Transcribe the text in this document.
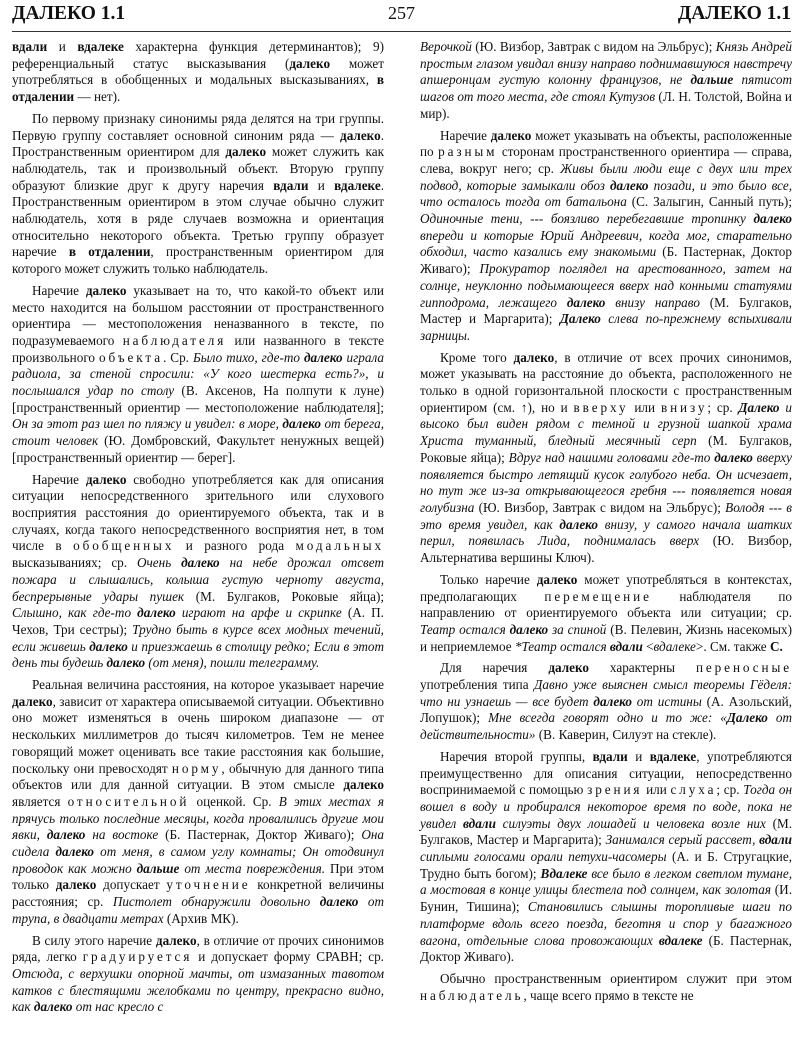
ДАЛЕКО 1.1	257	ДАЛЕКО 1.1

вдали и вдалеке характерна функция детерминантов); 9) референциальный статус высказывания (далеко может употребляться в обобщенных и модальных высказываниях, в отдалении — нет).

По первому признаку синонимы ряда делятся на три группы. Первую группу составляет основной синоним ряда — далеко. Пространственным ориентиром для далеко может служить как наблюдатель, так и произвольный объект. Вторую группу образуют близкие друг к другу наречия вдали и вдалеке. Пространственным ориентиром в этом случае обычно служит наблюдатель, хотя в ряде случаев возможна и ориентация относительно некоторого объекта. Третью группу образует наречие в отдалении, пространственным ориентиром для которого может служить только наблюдатель.

Наречие далеко указывает на то, что какой-то объект или место находится на большом расстоянии от пространственного ориентира — местоположения неназванного в тексте, по подразумеваемого наблюдателя или названного в тексте произвольного объекта. Ср. Было тихо, где-то далеко играла радиола, за стеной спросили: «У кого шестерка есть?», и послышался удар по столу (В. Аксенов, На полпути к луне) [пространственный ориентир — местоположение наблюдателя]; Он за этот раз шел по пляжу и увидел: в море, далеко от берега, стоит человек (Ю. Домбровский, Факультет ненужных вещей) [пространственный ориентир — берег].

Наречие далеко свободно употребляется как для описания ситуации непосредственного зрительного или слухового восприятия расстояния до ориентируемого объекта, так и в случаях, когда такого непосредственного восприятия нет, в том числе в обобщенных и разного рода модальных высказываниях; ср. Очень далеко на небе дрожал отсвет пожара и слышались, колыша густую черноту августа, беспрерывные удары пушек (М. Булгаков, Роковые яйца); Слышно, как где-то далеко играют на арфе и скрипке (А. П. Чехов, Три сестры); Трудно быть в курсе всех модных течений, если живешь далеко и приезжаешь в столицу редко; Если в этот день ты будешь далеко (от меня), пошли телеграмму.

Реальная величина расстояния, на которое указывает наречие далеко, зависит от характера описываемой ситуации. Объективно оно может изменяться в очень широком диапазоне — от нескольких миллиметров до тысяч километров. Тем не менее говорящий может оценивать все такие расстояния как большие, поскольку они превосходят норму, обычную для данного типа объектов или для данной ситуации. В этом смысле далеко является относительной оценкой. Ср. В этих местах я прячусь только последние месяцы, когда провалились другие мои явки, далеко на востоке (Б. Пастернак, Доктор Живаго); Она сидела далеко от меня, в самом углу комнаты; Он отодвинул проводок как можно дальше от места повреждения. При этом только далеко допускает уточнение конкретной величины расстояния; ср. Пистолет обнаружили довольно далеко от трупа, в двадцати метрах (Архив МК).

В силу этого наречие далеко, в отличие от прочих синонимов ряда, легко градуируется и допускает форму СРАВН; ср. Отсюда, с верхушки опорной мачты, от измазанных тавотом катков с блестящими желобками по центру, прекрасно видно, как далеко от нас кресло с

Верочкой (Ю. Визбор, Завтрак с видом на Эльбрус); Князь Андрей простым глазом увидал внизу направо поднимавшуюся навстречу апшеронцам густую колонну французов, не дальше пятисот шагов от того места, где стоял Кутузов (Л. Н. Толстой, Война и мир).

Наречие далеко может указывать на объекты, расположенные по разным сторонам пространственного ориентира — справа, слева, вокруг него; ср. Живы были люди еще с двух или трех подвод, которые замыкали обоз далеко позади, и это было все, что осталось тогда от батальона (С. Залыгин, Санный путь); Одиночные тени, --- боязливо перебегавшие тропинку далеко впереди и которые Юрий Андреевич, когда мог, старательно обходил, часто казались ему знакомыми (Б. Пастернак, Доктор Живаго); Прокуратор поглядел на арестованного, затем на солнце, неуклонно подымающееся вверх над конными статуями гипподрома, лежащего далеко внизу направо (М. Булгаков, Мастер и Маргарита); Далеко слева по-прежнему вспыхивали зарницы.

Кроме того далеко, в отличие от всех прочих синонимов, может указывать на расстояние до объекта, расположенного не только в одной горизонтальной плоскости с пространственным ориентиром (см. ↑), но и вверху или внизу; ср. Далеко и высоко был виден рядом с темной и грузной шапкой храма Христа туманный, бледный месячный серп (М. Булгаков, Роковые яйца); Вдруг над нашими головами где-то далеко вверху появляется быстро летящий кусок голубого неба. Он исчезает, но тут же из-за открывающегося гребня --- появляется новая голубизна (Ю. Визбор, Завтрак с видом на Эльбрус); Володя --- в это время увидел, как далеко внизу, у самого начала шатких перил, появилась Лида, поднималась вверх (Ю. Визбор, Альтернатива вершины Ключ).

Только наречие далеко может употребляться в контекстах, предполагающих перемещение наблюдателя по направлению от ориентируемого объекта или ситуации; ср. Театр остался далеко за спиной (В. Пелевин, Жизнь насекомых) и неприемлемое *Театр остался вдали <вдалеке>. См. также С.

Для наречия далеко характерны переносные употребления типа Давно уже выяснен смысл теоремы Гёделя: что ни узнаешь — все будет далеко от истины (А. Азольский, Лопушок); Мне всегда говорят одно и то же: «Далеко от действительности» (В. Каверин, Силуэт на стекле).

Наречия второй группы, вдали и вдалеке, употребляются преимущественно для описания ситуации, непосредственно воспринимаемой с помощью зрения или слуха; ср. Тогда он вошел в воду и пробирался некоторое время по воде, пока не увидел вдали силуэты двух лошадей и человека возле них (М. Булгаков, Мастер и Маргарита); Занимался серый рассвет, вдали сиплыми голосами орали петухи-часомеры (А. и Б. Стругацкие, Трудно быть богом); Вдалеке все было в легком светлом тумане, а мостовая в конце улицы блестела под солнцем, как золотая (И. Бунин, Тишина); Становились слышны торопливые шаги по платформе вдоль всего поезда, беготня и спор у багажного вагона, отдельные слова провожающих вдалеке (Б. Пастернак, Доктор Живаго).

Обычно пространственным ориентиром служит при этом наблюдатель, чаще всего прямо в тексте не
